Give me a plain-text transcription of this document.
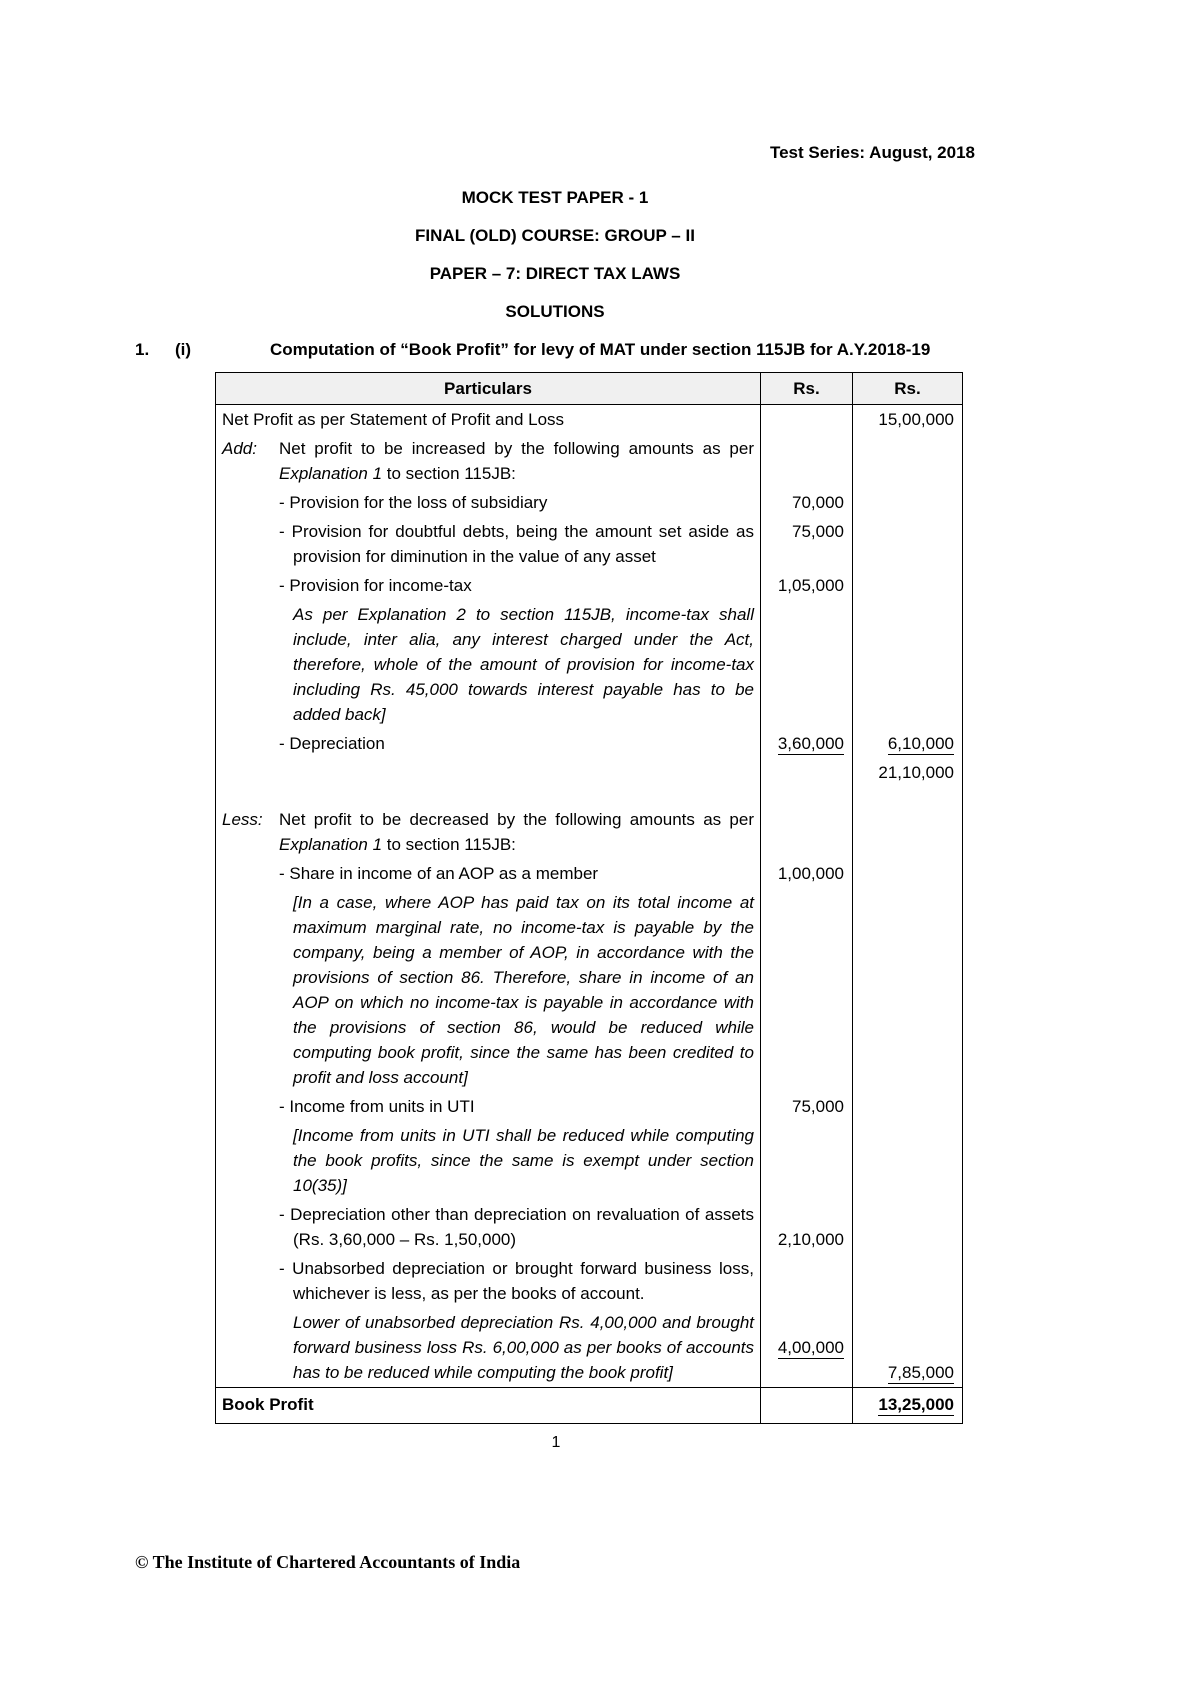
Test Series: August, 2018
MOCK TEST PAPER - 1
FINAL (OLD) COURSE: GROUP – II
PAPER – 7: DIRECT TAX LAWS
SOLUTIONS
1.	(i)	Computation of “Book Profit” for levy of MAT under section 115JB for A.Y.2018-19
Particulars	Rs.	Rs.

Net Profit as per Statement of Profit and Loss		15,00,000

Add: Net profit to be increased by the following amounts as per Explanation 1 to section 115JB:		

- Provision for the loss of subsidiary	70,000	

- Provision for doubtful debts, being the amount set aside as provision for diminution in the value of any asset	75,000	

- Provision for income-tax	1,05,000	

As per Explanation 2 to section 115JB, income-tax shall include, inter alia, any interest charged under the Act, therefore, whole of the amount of provision for income-tax including Rs. 45,000 towards interest payable has to be added back]		

- Depreciation	3,60,000	6,10,000

		21,10,000

Less: Net profit to be decreased by the following amounts as per Explanation 1 to section 115JB:		

- Share in income of an AOP as a member	1,00,000	

[In a case, where AOP has paid tax on its total income at maximum marginal rate, no income-tax is payable by the company, being a member of AOP, in accordance with the provisions of section 86. Therefore, share in income of an AOP on which no income-tax is payable in accordance with the provisions of section 86, would be reduced while computing book profit, since the same has been credited to profit and loss account]		

- Income from units in UTI	75,000	

[Income from units in UTI shall be reduced while computing the book profits, since the same is exempt under section 10(35)]		

- Depreciation other than depreciation on revaluation of assets (Rs. 3,60,000 – Rs. 1,50,000)	2,10,000	

- Unabsorbed depreciation or brought forward business loss, whichever is less, as per the books of account.		

Lower of unabsorbed depreciation Rs. 4,00,000 and brought forward business loss Rs. 6,00,000 as per books of accounts has to be reduced while computing the book profit]	4,00,000	7,85,000

Book Profit		13,25,000
1
© The Institute of Chartered Accountants of India
